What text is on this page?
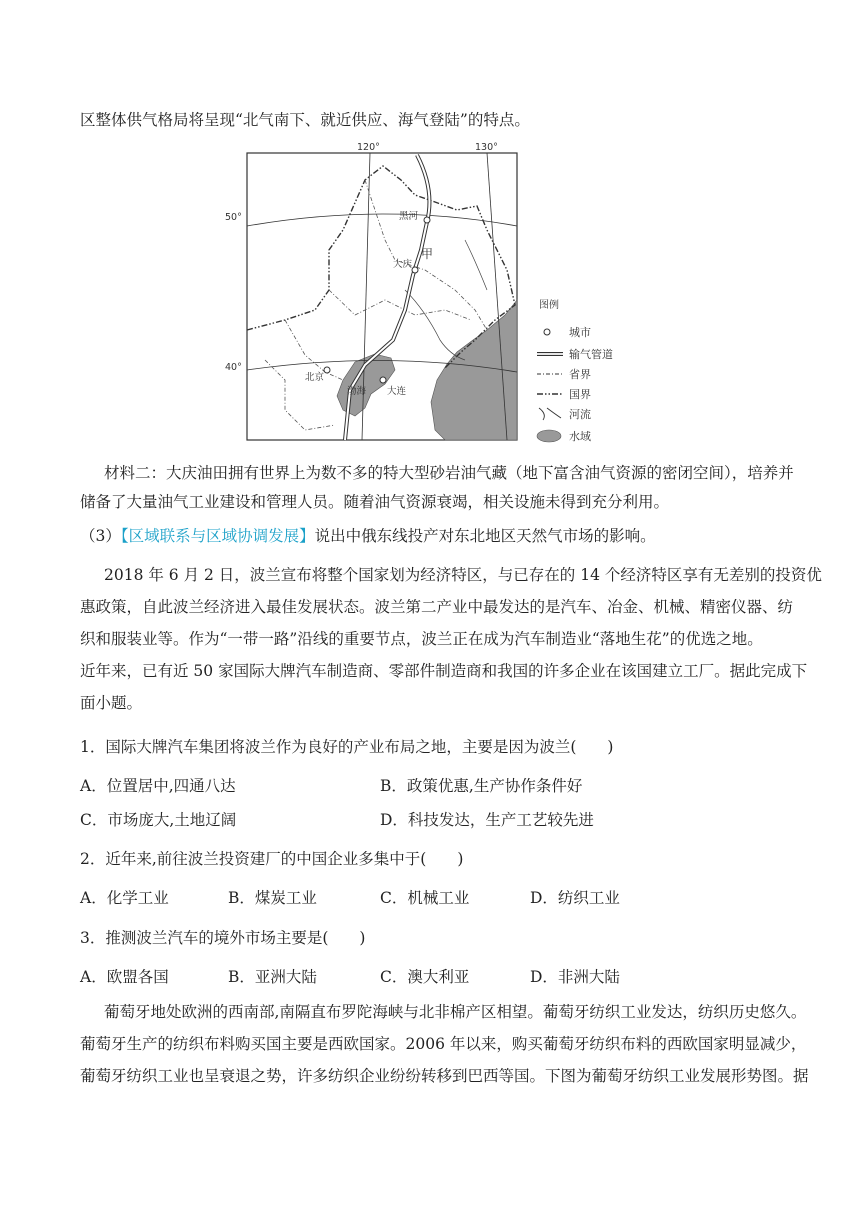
区整体供气格局将呈现“北气南下、就近供应、海气登陆”的特点。
120°	130°
50°
40°
黑河
大庆
北京
大连
甲
渤海
图例
城市
输气管道
省界
国界
河流
水域
材料二：大庆油田拥有世界上为数不多的特大型砂岩油气藏（地下富含油气资源的密闭空间），培养并
储备了大量油气工业建设和管理人员。随着油气资源衰竭，相关设施未得到充分利用。
（3）【区域联系与区域协调发展】说出中俄东线投产对东北地区天然气市场的影响。
2018 年 6 月 2 日，波兰宣布将整个国家划为经济特区，与已存在的 14 个经济特区享有无差别的投资优
惠政策，自此波兰经济进入最佳发展状态。波兰第二产业中最发达的是汽车、冶金、机械、精密仪器、纺
织和服装业等。作为“一带一路”沿线的重要节点，波兰正在成为汽车制造业“落地生花”的优选之地。
近年来，已有近 50 家国际大牌汽车制造商、零部件制造商和我国的许多企业在该国建立工厂。据此完成下
面小题。
1．国际大牌汽车集团将波兰作为良好的产业布局之地，主要是因为波兰(　　)
A．位置居中,四通八达	B．政策优惠,生产协作条件好
C．市场庞大,土地辽阔	D．科技发达，生产工艺较先进
2．近年来,前往波兰投资建厂的中国企业多集中于(　　)
A．化学工业	B．煤炭工业	C．机械工业	D．纺织工业
3．推测波兰汽车的境外市场主要是(　　)
A．欧盟各国	B．亚洲大陆	C．澳大利亚	D．非洲大陆
葡萄牙地处欧洲的西南部,南隔直布罗陀海峡与北非棉产区相望。葡萄牙纺织工业发达，纺织历史悠久。
葡萄牙生产的纺织布料购买国主要是西欧国家。2006 年以来，购买葡萄牙纺织布料的西欧国家明显减少，
葡萄牙纺织工业也呈衰退之势，许多纺织企业纷纷转移到巴西等国。下图为葡萄牙纺织工业发展形势图。据
